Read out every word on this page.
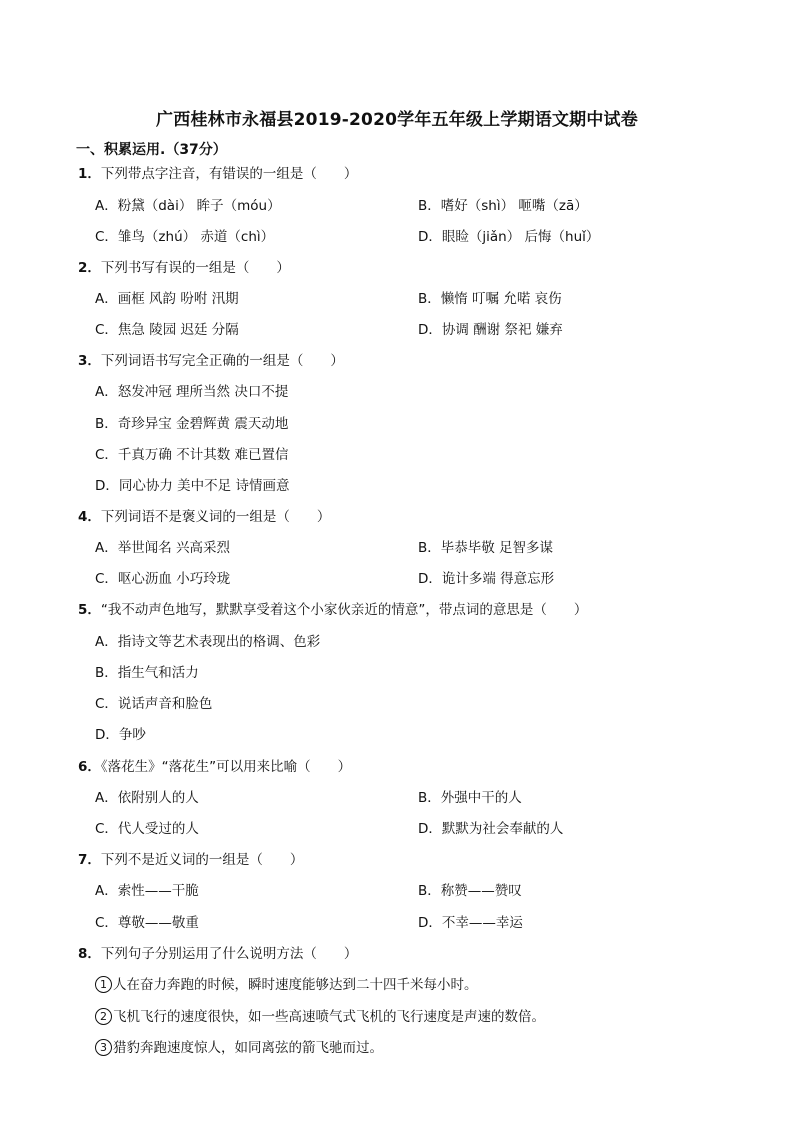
广西桂林市永福县2019-2020学年五年级上学期语文期中试卷
一、积累运用.（37分）
1．下列带点字注音，有错误的一组是（　　）
A．粉黛（dài） 眸子（móu）	B．嗜好（shì） 咂嘴（zā）
C．雏鸟（zhú） 赤道（chì）	D．眼睑（jiǎn） 后悔（huǐ）
2．下列书写有误的一组是（　　）
A．画框 风韵 吩咐 汛期	B．懒惰 叮嘱 允喏 哀伤
C．焦急 陵园 迟廷 分隔	D．协调 酬谢 祭祀 嫌弃
3．下列词语书写完全正确的一组是（　　）
A．怒发冲冠 理所当然 决口不提
B．奇珍异宝 金碧辉黄 震天动地
C．千真万确 不计其数 难已置信
D．同心协力 美中不足 诗情画意
4．下列词语不是褒义词的一组是（　　）
A．举世闻名 兴高采烈	B．毕恭毕敬 足智多谋
C．呕心沥血 小巧玲珑	D．诡计多端 得意忘形
5．“我不动声色地写，默默享受着这个小家伙亲近的情意”，带点词的意思是（　　）
A．指诗文等艺术表现出的格调、色彩
B．指生气和活力
C．说话声音和脸色
D．争吵
6．《落花生》“落花生”可以用来比喻（　　）
A．依附别人的人	B．外强中干的人
C．代人受过的人	D．默默为社会奉献的人
7．下列不是近义词的一组是（　　）
A．索性——干脆	B．称赞——赞叹
C．尊敬——敬重	D．不幸——幸运
8．下列句子分别运用了什么说明方法（　　）
1 人在奋力奔跑的时候，瞬时速度能够达到二十四千米每小时。
2 飞机飞行的速度很快，如一些高速喷气式飞机的飞行速度是声速的数倍。
3 猎豹奔跑速度惊人，如同离弦的箭飞驰而过。
